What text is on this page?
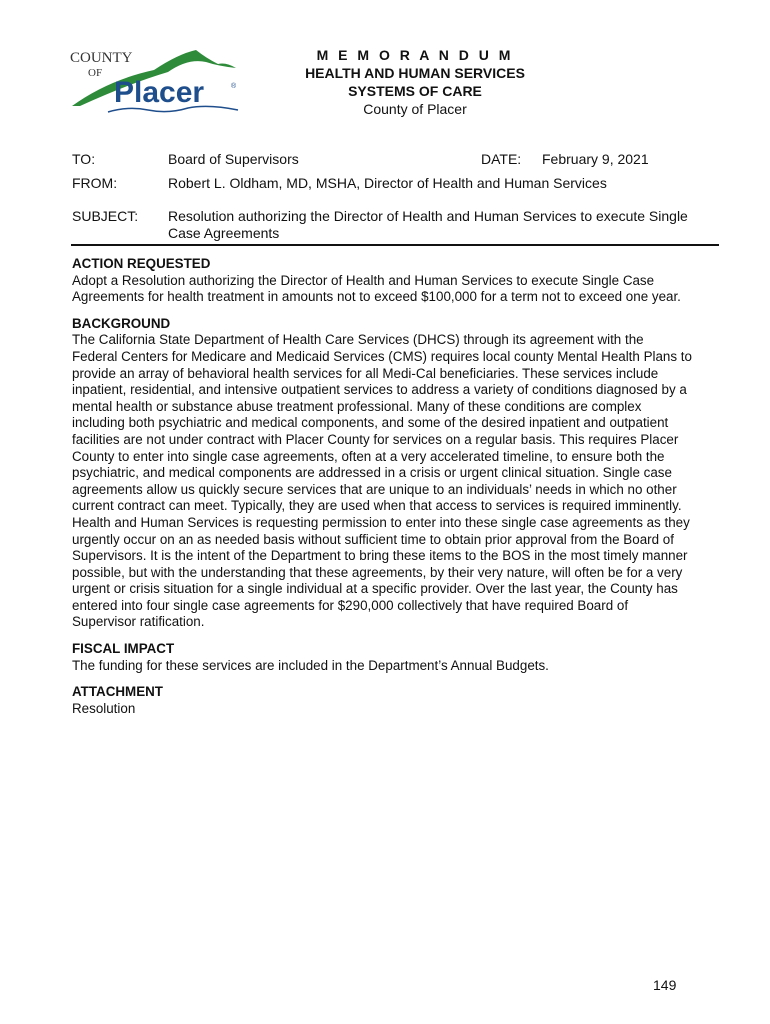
COUNTY
OF
Placer	®
M E M O R A N D U M
HEALTH AND HUMAN SERVICES
SYSTEMS OF CARE
County of Placer
TO:	Board of Supervisors	DATE: February 9, 2021
FROM:	Robert L. Oldham, MD, MSHA, Director of Health and Human Services
SUBJECT: Resolution authorizing the Director of Health and Human Services to execute Single
Case Agreements
ACTION REQUESTED

Adopt a Resolution authorizing the Director of Health and Human Services to execute Single Case Agreements for health treatment in amounts not to exceed $100,000 for a term not to exceed one year.

BACKGROUND

The California State Department of Health Care Services (DHCS) through its agreement with the Federal Centers for Medicare and Medicaid Services (CMS) requires local county Mental Health Plans to provide an array of behavioral health services for all Medi-Cal beneficiaries. These services include inpatient, residential, and intensive outpatient services to address a variety of conditions diagnosed by a mental health or substance abuse treatment professional. Many of these conditions are complex including both psychiatric and medical components, and some of the desired inpatient and outpatient facilities are not under contract with Placer County for services on a regular basis. This requires Placer County to enter into single case agreements, often at a very accelerated timeline, to ensure both the psychiatric, and medical components are addressed in a crisis or urgent clinical situation. Single case agreements allow us quickly secure services that are unique to an individuals’ needs in which no other current contract can meet. Typically, they are used when that access to services is required imminently.

Health and Human Services is requesting permission to enter into these single case agreements as they urgently occur on an as needed basis without sufficient time to obtain prior approval from the Board of Supervisors. It is the intent of the Department to bring these items to the BOS in the most timely manner possible, but with the understanding that these agreements, by their very nature, will often be for a very urgent or crisis situation for a single individual at a specific provider. Over the last year, the County has entered into four single case agreements for $290,000 collectively that have required Board of Supervisor ratification.

FISCAL IMPACT

The funding for these services are included in the Department’s Annual Budgets.

ATTACHMENT

Resolution

149
